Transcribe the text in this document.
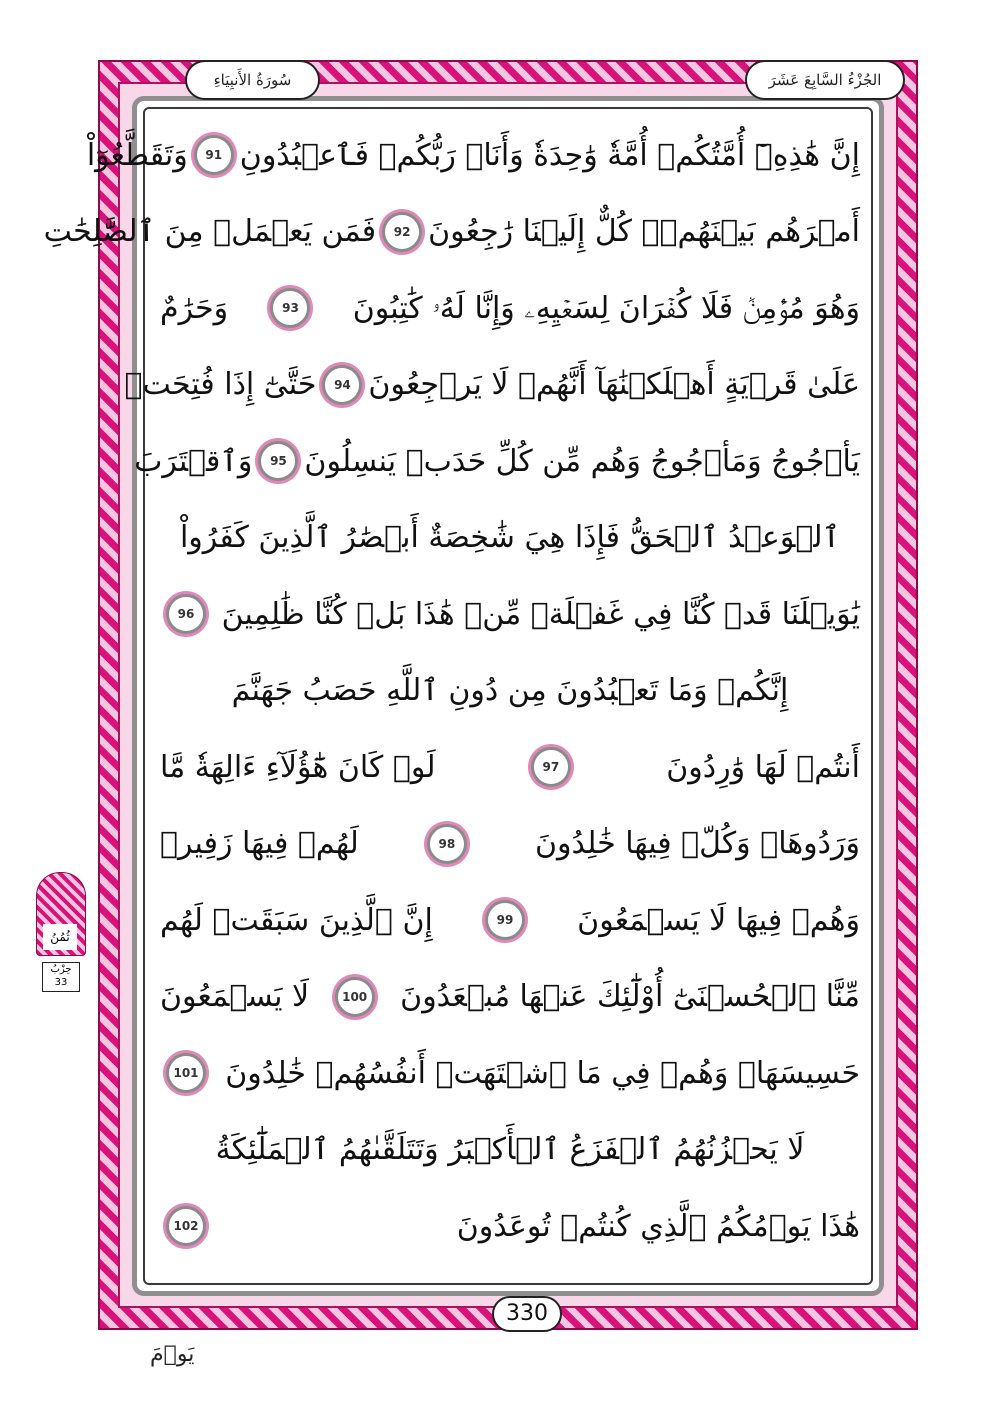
الجُزْءُ السَّابِعَ عَشَرَ
سُورَةُ الأَنبِيَاءِ
إِنَّ هَٰذِهِۦٓ أُمَّتُكُمۡ أُمَّةٗ وَٰحِدَةٗ وَأَنَا۠ رَبُّكُمۡ فَٱعۡبُدُونِ
91
وَتَقَطَّعُوٓاْ
أَمۡرَهُم بَيۡنَهُمۡۖ كُلٌّ إِلَيۡنَا رَٰجِعُونَ
92
فَمَن يَعۡمَلۡ مِنَ ٱلصَّٰلِحَٰتِ
وَهُوَ مُؤۡمِنٞ فَلَا كُفۡرَانَ لِسَعۡيِهِۦ وَإِنَّا لَهُۥ كَٰتِبُونَ
93
وَحَرَٰمٌ
عَلَىٰ قَرۡيَةٍ أَهۡلَكۡنَٰهَآ أَنَّهُمۡ لَا يَرۡجِعُونَ
94
حَتَّىٰٓ إِذَا فُتِحَتۡ
يَأۡجُوجُ وَمَأۡجُوجُ وَهُم مِّن كُلِّ حَدَبٖ يَنسِلُونَ
95
وَٱقۡتَرَبَ
ٱلۡوَعۡدُ ٱلۡحَقُّ فَإِذَا هِيَ شَٰخِصَةٌ أَبۡصَٰرُ ٱلَّذِينَ كَفَرُواْ
يَٰوَيۡلَنَا قَدۡ كُنَّا فِي غَفۡلَةٖ مِّنۡ هَٰذَا بَلۡ كُنَّا ظَٰلِمِينَ
96
إِنَّكُمۡ وَمَا تَعۡبُدُونَ مِن دُونِ ٱللَّهِ حَصَبُ جَهَنَّمَ
أَنتُمۡ لَهَا وَٰرِدُونَ
97
لَوۡ كَانَ هَٰٓؤُلَآءِ ءَالِهَةٗ مَّا
وَرَدُوهَاۖ وَكُلّٞ فِيهَا خَٰلِدُونَ
98
لَهُمۡ فِيهَا زَفِيرٞ
وَهُمۡ فِيهَا لَا يَسۡمَعُونَ
99
إِنَّ ٱلَّذِينَ سَبَقَتۡ لَهُم
مِّنَّا ٱلۡحُسۡنَىٰٓ أُوْلَٰٓئِكَ عَنۡهَا مُبۡعَدُونَ
100
لَا يَسۡمَعُونَ
حَسِيسَهَاۖ وَهُمۡ فِي مَا ٱشۡتَهَتۡ أَنفُسُهُمۡ خَٰلِدُونَ
101
لَا يَحۡزُنُهُمُ ٱلۡفَزَعُ ٱلۡأَكۡبَرُ وَتَتَلَقَّىٰهُمُ ٱلۡمَلَٰٓئِكَةُ
هَٰذَا يَوۡمُكُمُ ٱلَّذِي كُنتُمۡ تُوعَدُونَ
102
330
يَوۡمَ
ثُمُنُ
حِزْبُ
33
